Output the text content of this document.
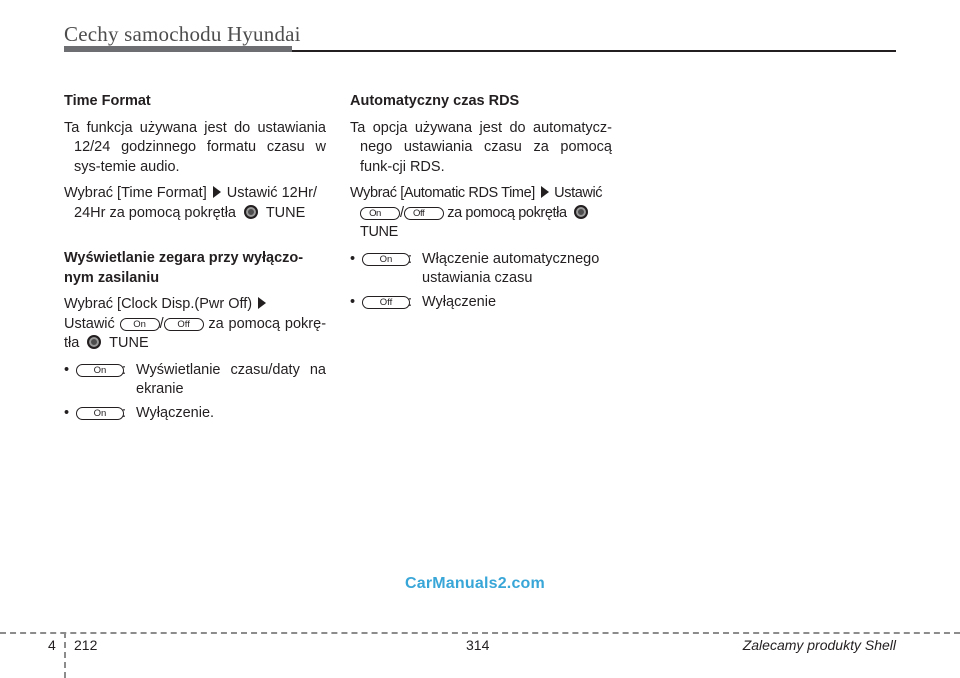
Cechy samochodu Hyundai
Time Format

Ta funkcja używana jest do ustawiania 12/24 godzinnego formatu czasu w sys-temie audio.

Wybrać [Time Format] Ustawić 12Hr/ 24Hr za pomocą pokrętła TUNE

Wyświetlanie zegara przy wyłączo-nym zasilaniu

Wybrać [Clock Disp.(Pwr Off)
Ustawić On / Off za pomocą pokrę-tła TUNE

•	On	: Wyświetlanie czasu/daty na ekranie
•	On	: Wyłączenie.
Automatyczny czas RDS

Ta opcja używana jest do automatycz-nego ustawiania czasu za pomocą funk-cji RDS.

Wybrać [Automatic RDS Time] Ustawić
On / Off za pomocą pokrętła TUNE

•	On	: Włączenie automatycznego ustawiania czasu
•	Off	: Wyłączenie
CarManuals2.com
4 212	314	Zalecamy produkty Shell
